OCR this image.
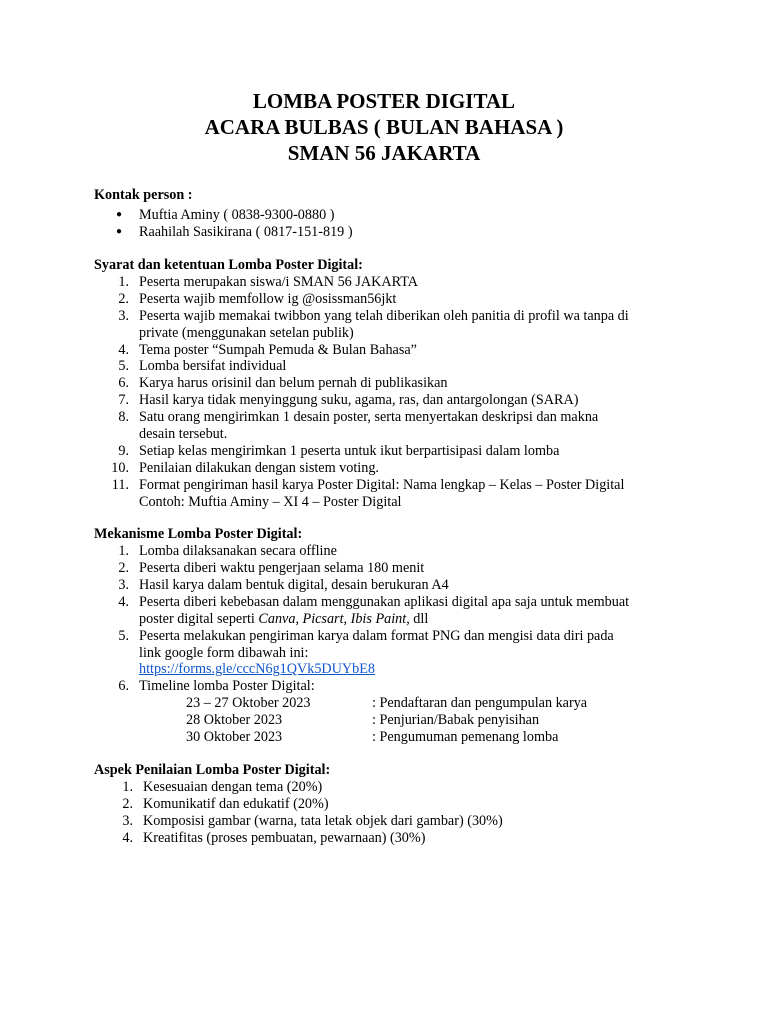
LOMBA POSTER DIGITAL
ACARA BULBAS ( BULAN BAHASA )
SMAN 56 JAKARTA
Kontak person :
● Muftia Aminy ( 0838-9300-0880 )
● Raahilah Sasikirana ( 0817-151-819 )
Syarat dan ketentuan Lomba Poster Digital:
1. Peserta merupakan siswa/i SMAN 56 JAKARTA
2. Peserta wajib memfollow ig @osissman56jkt
3. Peserta wajib memakai twibbon yang telah diberikan oleh panitia di profil wa tanpa di
private (menggunakan setelan publik)
4. Tema poster “Sumpah Pemuda & Bulan Bahasa”
5. Lomba bersifat individual
6. Karya harus orisinil dan belum pernah di publikasikan
7. Hasil karya tidak menyinggung suku, agama, ras, dan antargolongan (SARA)
8. Satu orang mengirimkan 1 desain poster, serta menyertakan deskripsi dan makna
desain tersebut.
9. Setiap kelas mengirimkan 1 peserta untuk ikut berpartisipasi dalam lomba
10. Penilaian dilakukan dengan sistem voting.
11. Format pengiriman hasil karya Poster Digital: Nama lengkap – Kelas – Poster Digital
Contoh: Muftia Aminy – XI 4 – Poster Digital
Mekanisme Lomba Poster Digital:
1. Lomba dilaksanakan secara offline
2. Peserta diberi waktu pengerjaan selama 180 menit
3. Hasil karya dalam bentuk digital, desain berukuran A4
4. Peserta diberi kebebasan dalam menggunakan aplikasi digital apa saja untuk membuat
poster digital seperti Canva, Picsart, Ibis Paint, dll
5. Peserta melakukan pengiriman karya dalam format PNG dan mengisi data diri pada
link google form dibawah ini:
https://forms.gle/cccN6g1QVk5DUYbE8
6. Timeline lomba Poster Digital:
23 – 27 Oktober 2023	: Pendaftaran dan pengumpulan karya
28 Oktober 2023	: Penjurian/Babak penyisihan
30 Oktober 2023	: Pengumuman pemenang lomba
Aspek Penilaian Lomba Poster Digital:
1. Kesesuaian dengan tema (20%)
2. Komunikatif dan edukatif (20%)
3. Komposisi gambar (warna, tata letak objek dari gambar) (30%)
4. Kreatifitas (proses pembuatan, pewarnaan) (30%)
